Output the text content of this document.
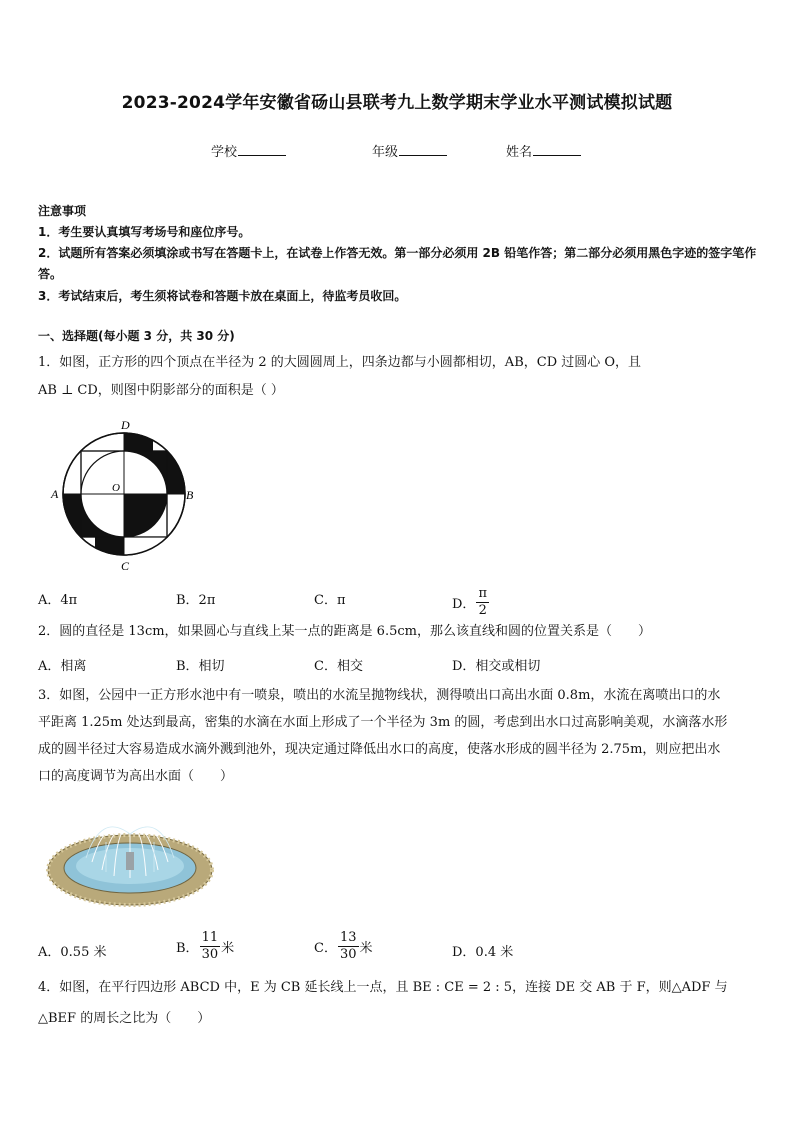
2023-2024学年安徽省砀山县联考九上数学期末学业水平测试模拟试题
学校	年级	姓名
注意事项
1．考生要认真填写考场号和座位序号。
2．试题所有答案必须填涂或书写在答题卡上，在试卷上作答无效。第一部分必须用 2B 铅笔作答；第二部分必须用黑色字迹的签字笔作答。
3．考试结束后，考生须将试卷和答题卡放在桌面上，待监考员收回。
一、选择题(每小题 3 分，共 30 分)
1．如图，正方形的四个顶点在半径为 2 的大圆圆周上，四条边都与小圆都相切，AB，CD 过圆心 O，且
AB ⊥ CD，则图中阴影部分的面积是（ ）
A	B
C
D
O
A．4π	B．2π	C．π	D． $\frac{\pi}{2}$
2．圆的直径是 13cm，如果圆心与直线上某一点的距离是 6.5cm，那么该直线和圆的位置关系是（　　）
A．相离	B．相切	C．相交	D．相交或相切
3．如图，公园中一正方形水池中有一喷泉，喷出的水流呈抛物线状，测得喷出口高出水面 0.8m，水流在离喷出口的水
平距离 1.25m 处达到最高，密集的水滴在水面上形成了一个半径为 3m 的圆，考虑到出水口过高影响美观，水滴落水形
成的圆半径过大容易造成水滴外溅到池外，现决定通过降低出水口的高度，使落水形成的圆半径为 2.75m，则应把出水
口的高度调节为高出水面（　　）
A．0.55 米	B． $\frac{11}{30}$ 米	C． $\frac{13}{30}$ 米	D．0.4 米
4．如图，在平行四边形 ABCD 中，E 为 CB 延长线上一点，且 BE : CE = 2 : 5，连接 DE 交 AB 于 F，则△ADF 与
△BEF 的周长之比为（　　）
